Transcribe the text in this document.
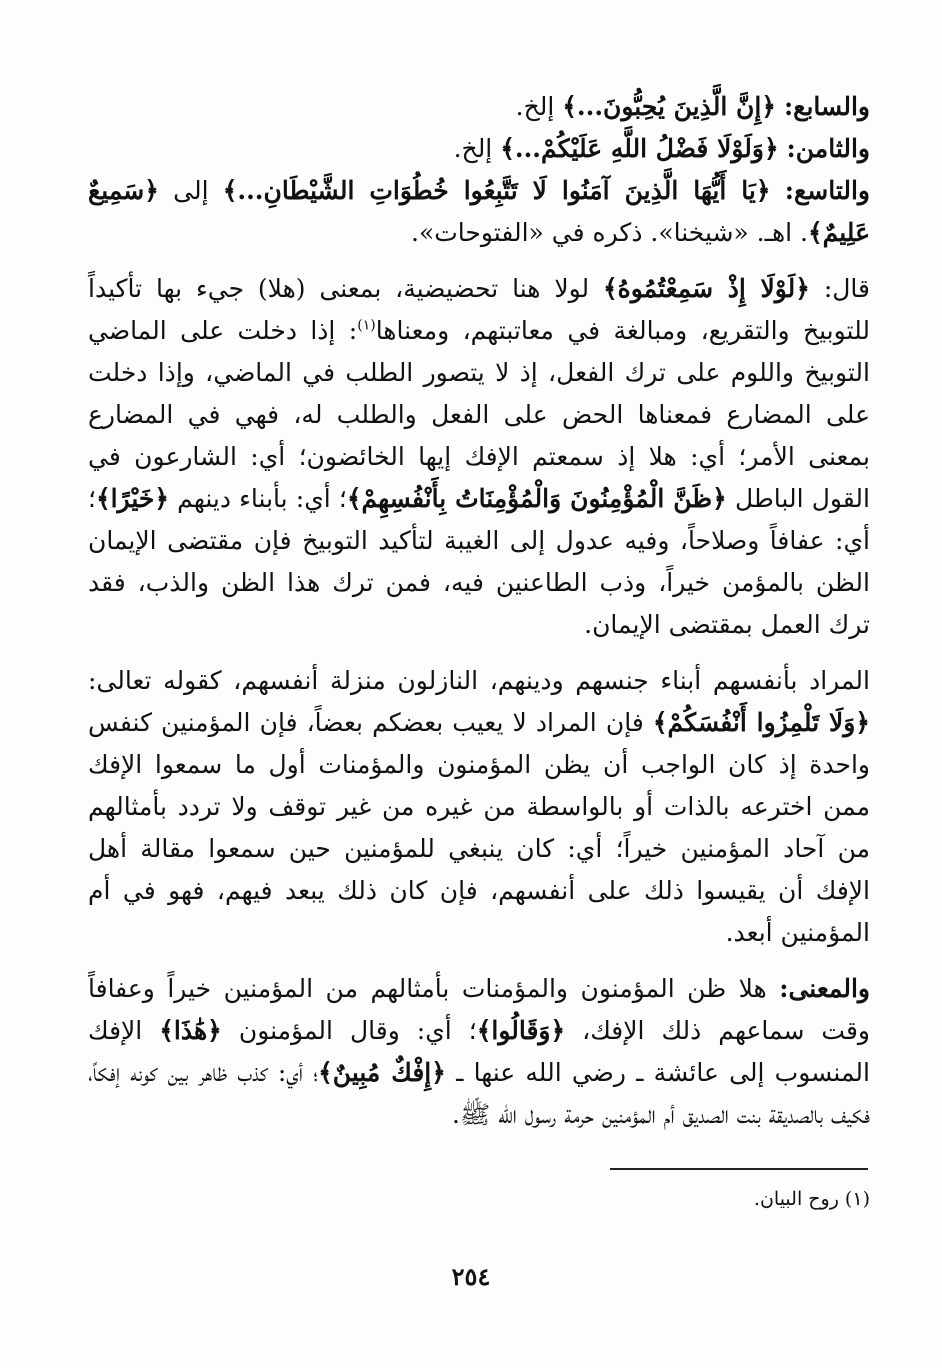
والسابع: ﴿إِنَّ الَّذِينَ يُحِبُّونَ...﴾ إلخ.

والثامن: ﴿وَلَوْلَا فَضْلُ اللَّهِ عَلَيْكُمْ...﴾ إلخ.

والتاسع: ﴿يَا أَيُّهَا الَّذِينَ آمَنُوا لَا تَتَّبِعُوا خُطُوَاتِ الشَّيْطَانِ...﴾ إلى ﴿سَمِيعٌ عَلِيمٌ﴾. اهـ. «شيخنا». ذكره في «الفتوحات».

قال: ﴿لَوْلَا إِذْ سَمِعْتُمُوهُ﴾ لولا هنا تحضيضية، بمعنى (هلا) جيء بها تأكيداً للتوبيخ والتقريع، ومبالغة في معاتبتهم، ومعناها$^{(١)}$: إذا دخلت على الماضي التوبيخ واللوم على ترك الفعل، إذ لا يتصور الطلب في الماضي، وإذا دخلت على المضارع فمعناها الحض على الفعل والطلب له، فهي في المضارع بمعنى الأمر؛ أي: هلا إذ سمعتم الإفك إيها الخائضون؛ أي: الشارعون في القول الباطل ﴿ظَنَّ الْمُؤْمِنُونَ وَالْمُؤْمِنَاتُ بِأَنْفُسِهِمْ﴾؛ أي: بأبناء دينهم ﴿خَيْرًا﴾؛ أي: عفافاً وصلاحاً، وفيه عدول إلى الغيبة لتأكيد التوبيخ فإن مقتضى الإيمان الظن بالمؤمن خيراً، وذب الطاعنين فيه، فمن ترك هذا الظن والذب، فقد ترك العمل بمقتضى الإيمان.

المراد بأنفسهم أبناء جنسهم ودينهم، النازلون منزلة أنفسهم، كقوله تعالى: ﴿وَلَا تَلْمِزُوا أَنْفُسَكُمْ﴾ فإن المراد لا يعيب بعضكم بعضاً، فإن المؤمنين كنفس واحدة إذ كان الواجب أن يظن المؤمنون والمؤمنات أول ما سمعوا الإفك ممن اخترعه بالذات أو بالواسطة من غيره من غير توقف ولا تردد بأمثالهم من آحاد المؤمنين خيراً؛ أي: كان ينبغي للمؤمنين حين سمعوا مقالة أهل الإفك أن يقيسوا ذلك على أنفسهم، فإن كان ذلك يبعد فيهم، فهو في أم المؤمنين أبعد.

والمعنى: هلا ظن المؤمنون والمؤمنات بأمثالهم من المؤمنين خيراً وعفافاً وقت سماعهم ذلك الإفك، ﴿وَقَالُوا﴾؛ أي: وقال المؤمنون ﴿هَٰذَا﴾ الإفك المنسوب إلى عائشة ـ رضي الله عنها ـ ﴿إِفْكٌ مُبِينٌ﴾؛ أي: كذب ظاهر بين كونه إفكاً، فكيف بالصديقة بنت الصديق أم المؤمنين حرمة رسول الله ﷺ.

(١) روح البيان.
٢٥٤
